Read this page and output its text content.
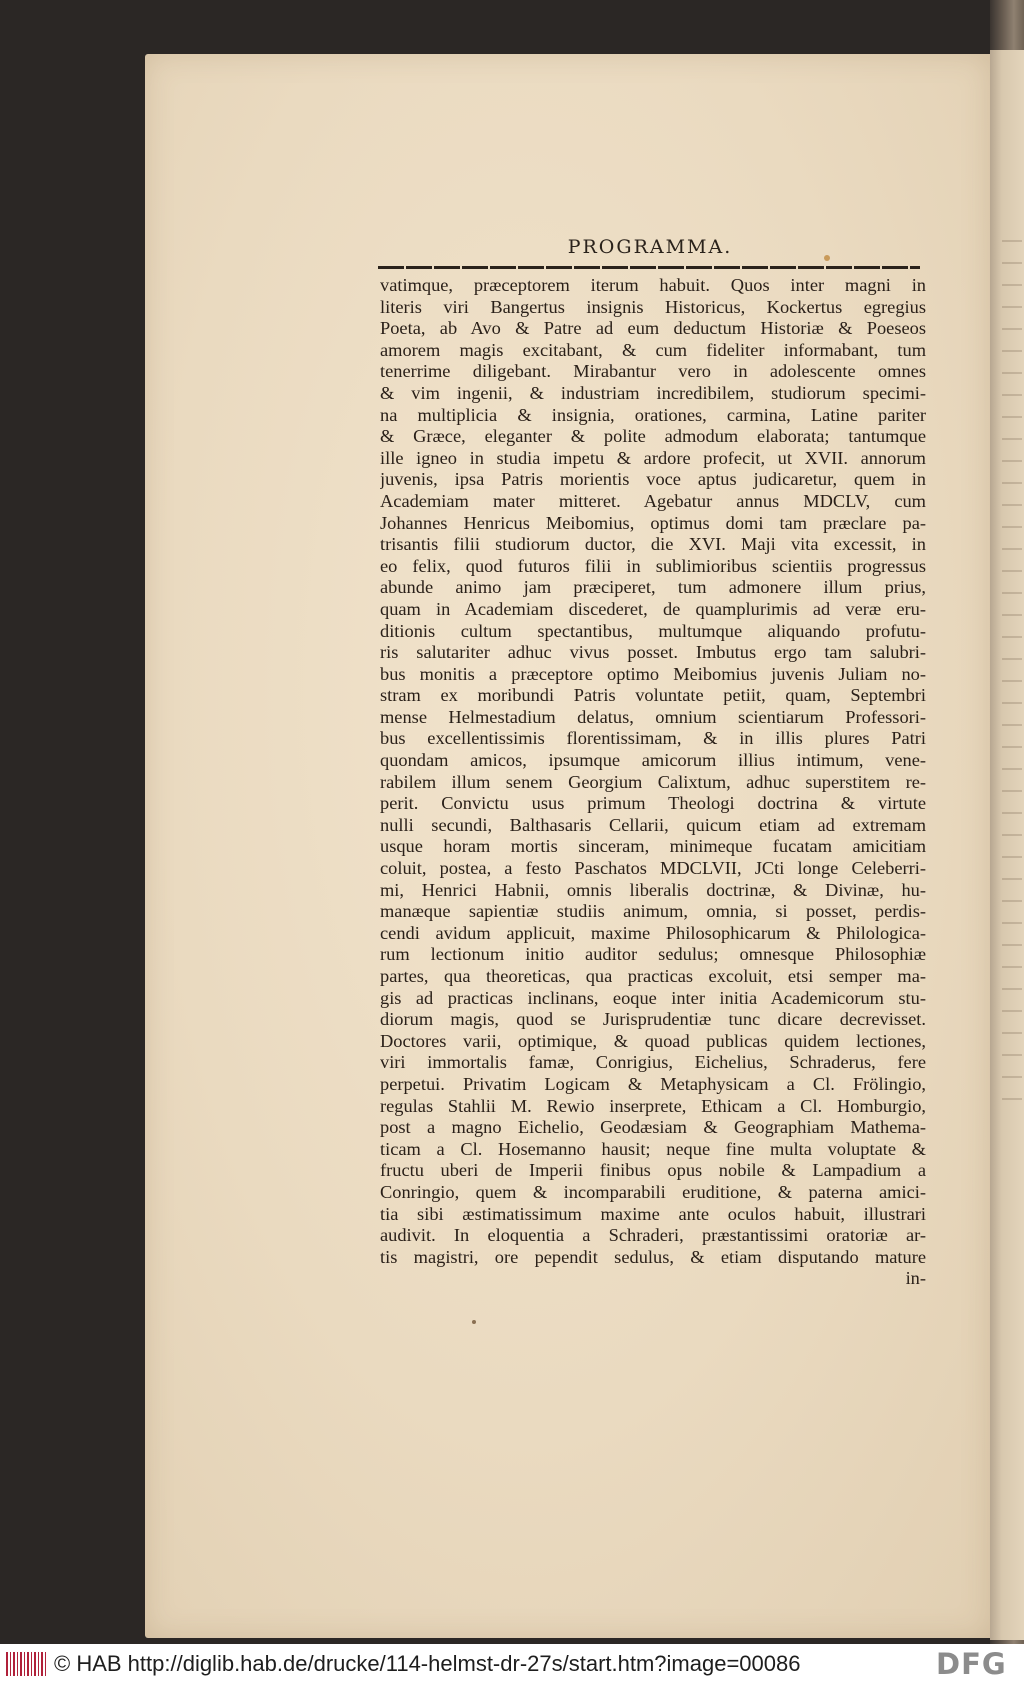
PROGRAMMA.
vatimque, præceptorem iterum habuit. Quos inter magni in
literis viri Bangertus insignis Historicus, Kockertus egregius
Poeta, ab Avo & Patre ad eum deductum Historiæ & Poeseos
amorem magis excitabant, & cum fideliter informabant, tum
tenerrime diligebant. Mirabantur vero in adolescente omnes
& vim ingenii, & industriam incredibilem, studiorum specimi-
na multiplicia & insignia, orationes, carmina, Latine pariter
& Græce, eleganter & polite admodum elaborata; tantumque
ille igneo in studia impetu & ardore profecit, ut XVII. annorum
juvenis, ipsa Patris morientis voce aptus judicaretur, quem in
Academiam mater mitteret. Agebatur annus MDCLV, cum
Johannes Henricus Meibomius, optimus domi tam præclare pa-
trisantis filii studiorum ductor, die XVI. Maji vita excessit, in
eo felix, quod futuros filii in sublimioribus scientiis progressus
abunde animo jam præciperet, tum admonere illum prius,
quam in Academiam discederet, de quamplurimis ad veræ eru-
ditionis cultum spectantibus, multumque aliquando profutu-
ris salutariter adhuc vivus posset. Imbutus ergo tam salubri-
bus monitis a præceptore optimo Meibomius juvenis Juliam no-
stram ex moribundi Patris voluntate petiit, quam, Septembri
mense Helmestadium delatus, omnium scientiarum Professori-
bus excellentissimis florentissimam, & in illis plures Patri
quondam amicos, ipsumque amicorum illius intimum, vene-
rabilem illum senem Georgium Calixtum, adhuc superstitem re-
perit. Convictu usus primum Theologi doctrina & virtute
nulli secundi, Balthasaris Cellarii, quicum etiam ad extremam
usque horam mortis sinceram, minimeque fucatam amicitiam
coluit, postea, a festo Paschatos MDCLVII, JCti longe Celeberri-
mi, Henrici Habnii, omnis liberalis doctrinæ, & Divinæ, hu-
manæque sapientiæ studiis animum, omnia, si posset, perdis-
cendi avidum applicuit, maxime Philosophicarum & Philologica-
rum lectionum initio auditor sedulus; omnesque Philosophiæ
partes, qua theoreticas, qua practicas excoluit, etsi semper ma-
gis ad practicas inclinans, eoque inter initia Academicorum stu-
diorum magis, quod se Jurisprudentiæ tunc dicare decrevisset.
Doctores varii, optimique, & quoad publicas quidem lectiones,
viri immortalis famæ, Conrigius, Eichelius, Schraderus, fere
perpetui. Privatim Logicam & Metaphysicam a Cl. Frölingio,
regulas Stahlii M. Rewio inserprete, Ethicam a Cl. Homburgio,
post a magno Eichelio, Geodæsiam & Geographiam Mathema-
ticam a Cl. Hosemanno hausit; neque fine multa voluptate &
fructu uberi de Imperii finibus opus nobile & Lampadium a
Conringio, quem & incomparabili eruditione, & paterna amici-
tia sibi æstimatissimum maxime ante oculos habuit, illustrari
audivit. In eloquentia a Schraderi, præstantissimi oratoriæ ar-
tis magistri, ore pependit sedulus, & etiam disputando mature
in-
© HAB http://diglib.hab.de/drucke/114-helmst-dr-27s/start.htm?image=00086	DFG
